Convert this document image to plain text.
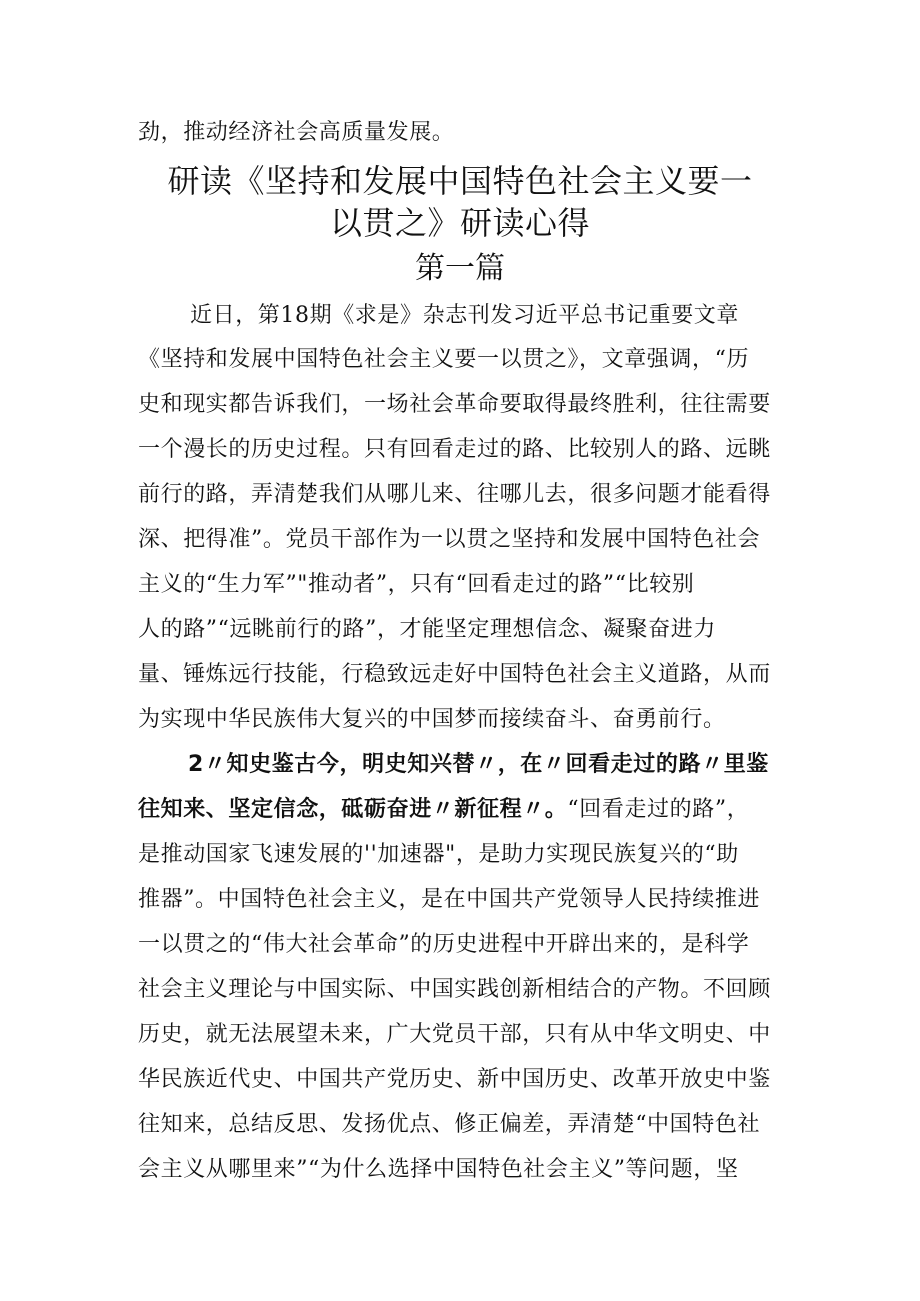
劲，推动经济社会高质量发展。
研读《坚持和发展中国特色社会主义要一
以贯之》研读心得
第一篇
近日，第18期《求是》杂志刊发习近平总书记重要文章
《坚持和发展中国特色社会主义要一以贯之》，文章强调，“历
史和现实都告诉我们，一场社会革命要取得最终胜利，往往需要
一个漫长的历史过程。只有回看走过的路、比较别人的路、远眺
前行的路，弄清楚我们从哪儿来、往哪儿去，很多问题才能看得
深、把得准”。党员干部作为一以贯之坚持和发展中国特色社会
主义的“生力军”"推动者”，只有“回看走过的路”“比较别
人的路”“远眺前行的路”，才能坚定理想信念、凝聚奋进力
量、锤炼远行技能，行稳致远走好中国特色社会主义道路，从而
为实现中华民族伟大复兴的中国梦而接续奋斗、奋勇前行。
2〃知史鉴古今，明史知兴替〃，在〃回看走过的路〃里鉴
往知来、坚定信念，砥砺奋进〃新征程〃。“回看走过的路”，
是推动国家飞速发展的''加速器"，是助力实现民族复兴的“助
推器”。中国特色社会主义，是在中国共产党领导人民持续推进
一以贯之的“伟大社会革命”的历史进程中开辟出来的，是科学
社会主义理论与中国实际、中国实践创新相结合的产物。不回顾
历史，就无法展望未来，广大党员干部，只有从中华文明史、中
华民族近代史、中国共产党历史、新中国历史、改革开放史中鉴
往知来，总结反思、发扬优点、修正偏差，弄清楚“中国特色社
会主义从哪里来”“为什么选择中国特色社会主义”等问题，坚
